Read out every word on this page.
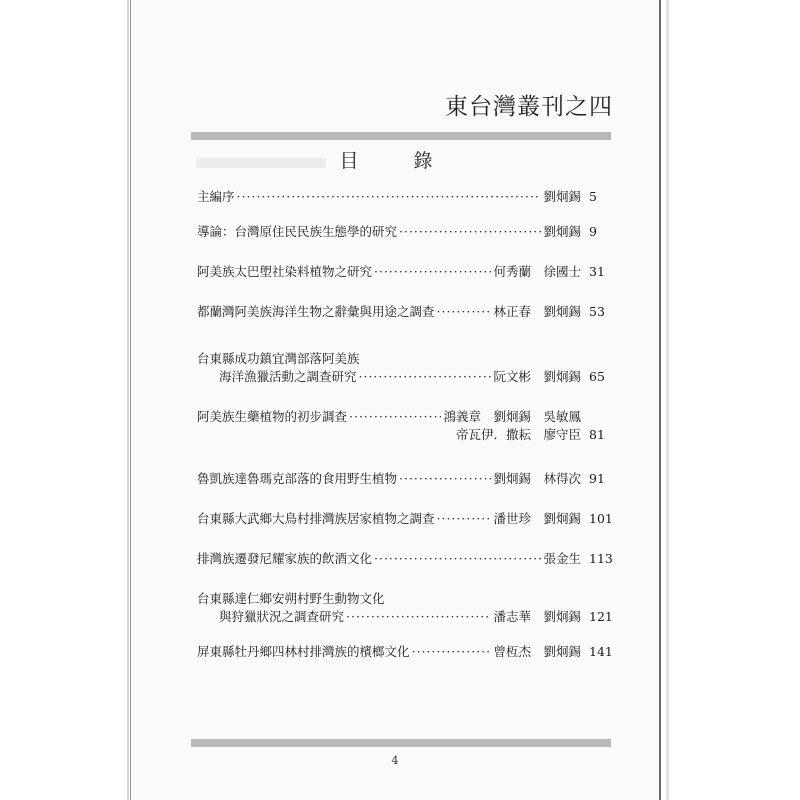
東台灣叢刊之四
目　錄
主編序 ·····	劉炯錫 5
導論：台灣原住民民族生態學的研究 ·····	劉炯錫 9
阿美族太巴塱社染料植物之研究 ·····	何秀蘭　徐國士 31
都蘭灣阿美族海洋生物之辭彙與用途之調查 ·····	林正春　劉炯錫 53
台東縣成功鎮宜灣部落阿美族
海洋漁獵活動之調查研究 ·····	阮文彬　劉炯錫 65
阿美族生藥植物的初步調查 ·····	鴻義章　劉炯錫　吳敏鳳
帝瓦伊．撒耘　廖守臣 81
魯凱族達魯瑪克部落的食用野生植物 ·····	劉炯錫　林得次 91
台東縣大武鄉大鳥村排灣族居家植物之調查 ·····	潘世珍　劉炯錫 101
排灣族遷發尼耀家族的飲酒文化 ·····	張金生 113
台東縣達仁鄉安朔村野生動物文化
與狩獵狀況之調查研究 ·····	潘志華　劉炯錫 121
屏東縣牡丹鄉四林村排灣族的檳榔文化 ·····	曾枑杰　劉炯錫 141
4
